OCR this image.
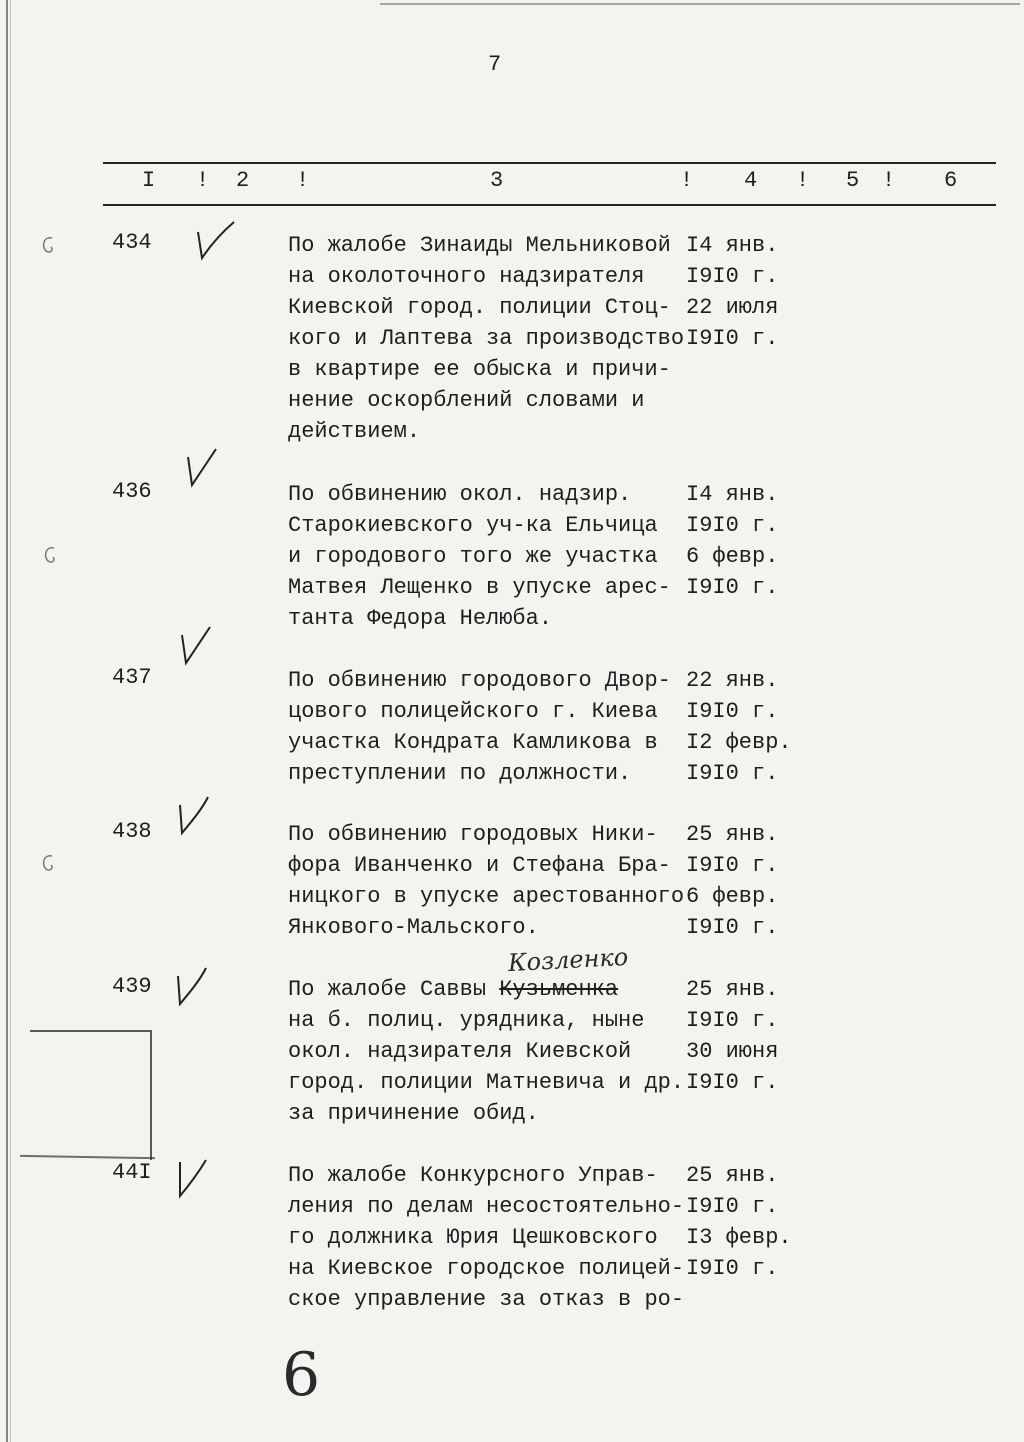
7
I ! 2 !	3	! 4 ! 5 ! 6
434	По жалобе Зинаиды Мельниковой
на околоточного надзирателя
Киевской город. полиции Стоц-
кого и Лаптева за производство
в квартире ее обыска и причи-
нение оскорблений словами и
действием.
I4 янв.
I9I0 г.
22 июля
I9I0 г.
436	По обвинению окол. надзир.
Старокиевского уч-ка Ельчица
и городового того же участка
Матвея Лещенко в упуске арес-
танта Федора Нелюба.
I4 янв.
I9I0 г.
6 февр.
I9I0 г.
437	По обвинению городового Двор-
цового полицейского г. Киева
участка Кондрата Камликова в
преступлении по должности.
22 янв.
I9I0 г.
I2 февр.
I9I0 г.
438	По обвинению городовых Ники-
фора Иванченко и Стефана Бра-
ницкого в упуске арестованного
Янкового-Мальского.
25 янв.
I9I0 г.
6 февр.
I9I0 г.
439	По жалобе Саввы Кузьменка
Козленко
на б. полиц. урядника, ныне
окол. надзирателя Киевской
город. полиции Матневича и др.
за причинение обид.
25 янв.
I9I0 г.
30 июня
I9I0 г.
44I	По жалобе Конкурсного Управ-
ления по делам несостоятельно-
го должника Юрия Цешковского
на Киевское городское полицей-
ское управление за отказ в ро-
25 янв.
I9I0 г.
I3 февр.
I9I0 г.
6
